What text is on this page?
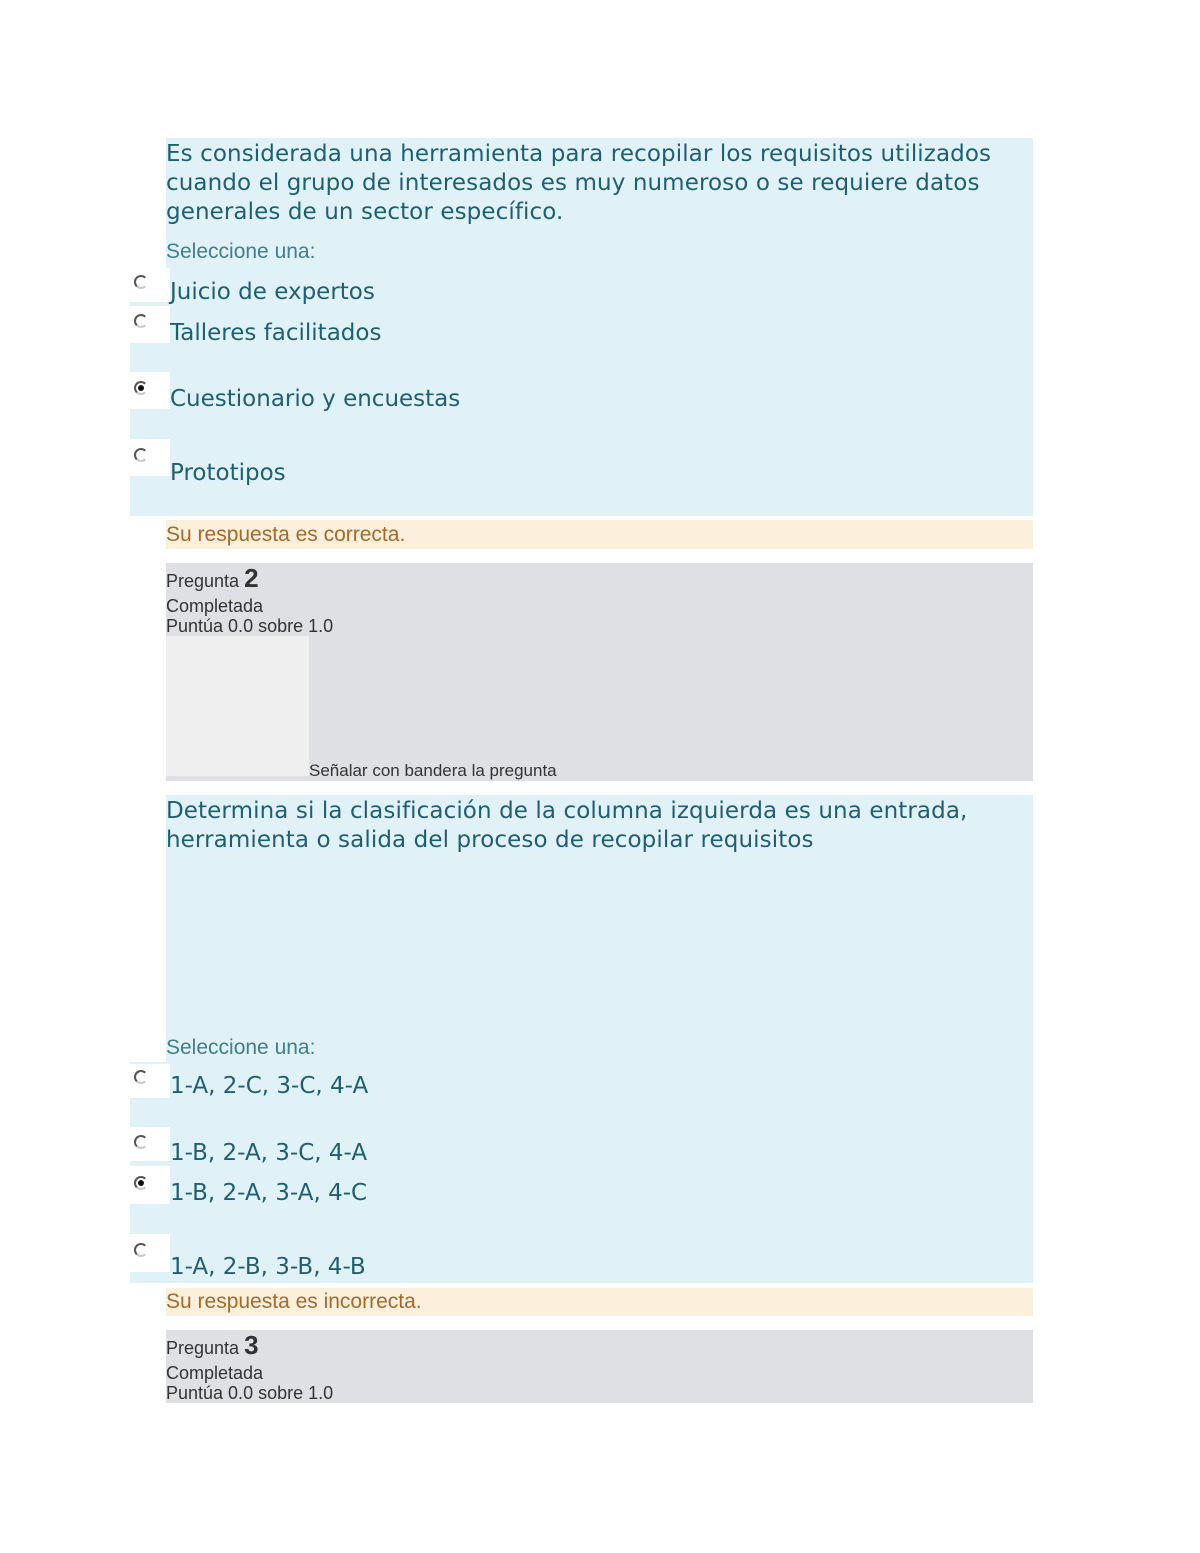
Es considerada una herramienta para recopilar los requisitos utilizados cuando el grupo de interesados es muy numeroso o se requiere datos generales de un sector específico.
Seleccione una:
Juicio de expertos
Talleres facilitados
Cuestionario y encuestas
Prototipos
Su respuesta es correcta.
Pregunta 2
Completada
Puntúa 0.0 sobre 1.0
Señalar con bandera la pregunta
Determina si la clasificación de la columna izquierda es una entrada, herramienta o salida del proceso de recopilar requisitos
Seleccione una:
1-A, 2-C, 3-C, 4-A
1-B, 2-A, 3-C, 4-A
1-B, 2-A, 3-A, 4-C
1-A, 2-B, 3-B, 4-B
Su respuesta es incorrecta.
Pregunta 3
Completada
Puntúa 0.0 sobre 1.0
